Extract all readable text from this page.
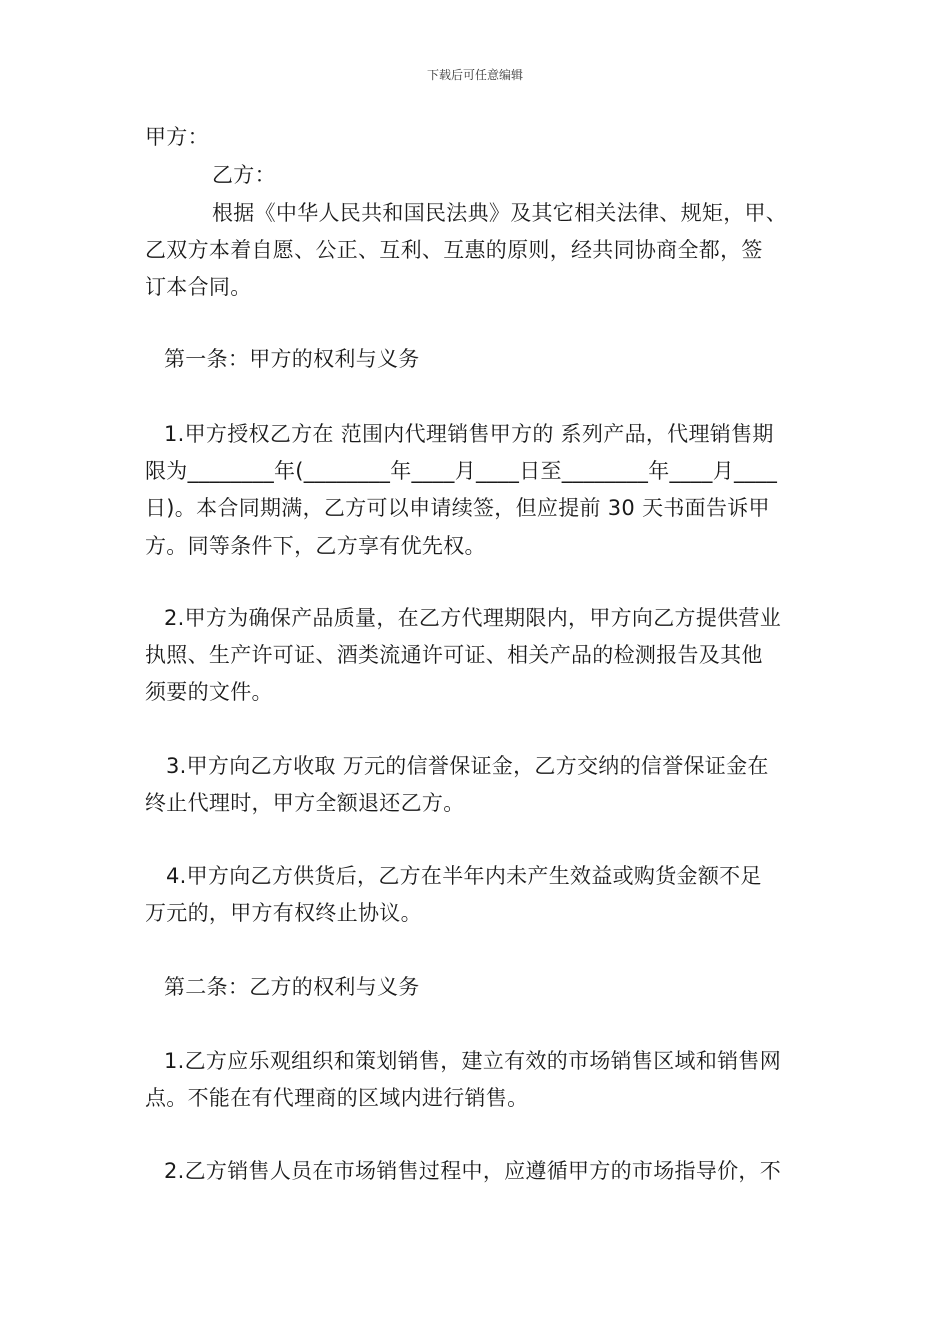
下载后可任意编辑
甲方：
乙方：
根据《中华人民共和国民法典》及其它相关法律、规矩，甲、
乙双方本着自愿、公正、互利、互惠的原则，经共同协商全都，签
订本合同。
第一条：甲方的权利与义务
1.甲方授权乙方在 范围内代理销售甲方的 系列产品，代理销售期
限为________年(________年____月____日至________年____月____
日)。本合同期满，乙方可以申请续签，但应提前 30 天书面告诉甲
方。同等条件下，乙方享有优先权。
2.甲方为确保产品质量，在乙方代理期限内，甲方向乙方提供营业
执照、生产许可证、酒类流通许可证、相关产品的检测报告及其他
须要的文件。
3.甲方向乙方收取 万元的信誉保证金，乙方交纳的信誉保证金在
终止代理时，甲方全额退还乙方。
4.甲方向乙方供货后，乙方在半年内未产生效益或购货金额不足
万元的，甲方有权终止协议。
第二条：乙方的权利与义务
1.乙方应乐观组织和策划销售，建立有效的市场销售区域和销售网
点。不能在有代理商的区域内进行销售。
2.乙方销售人员在市场销售过程中，应遵循甲方的市场指导价，不
